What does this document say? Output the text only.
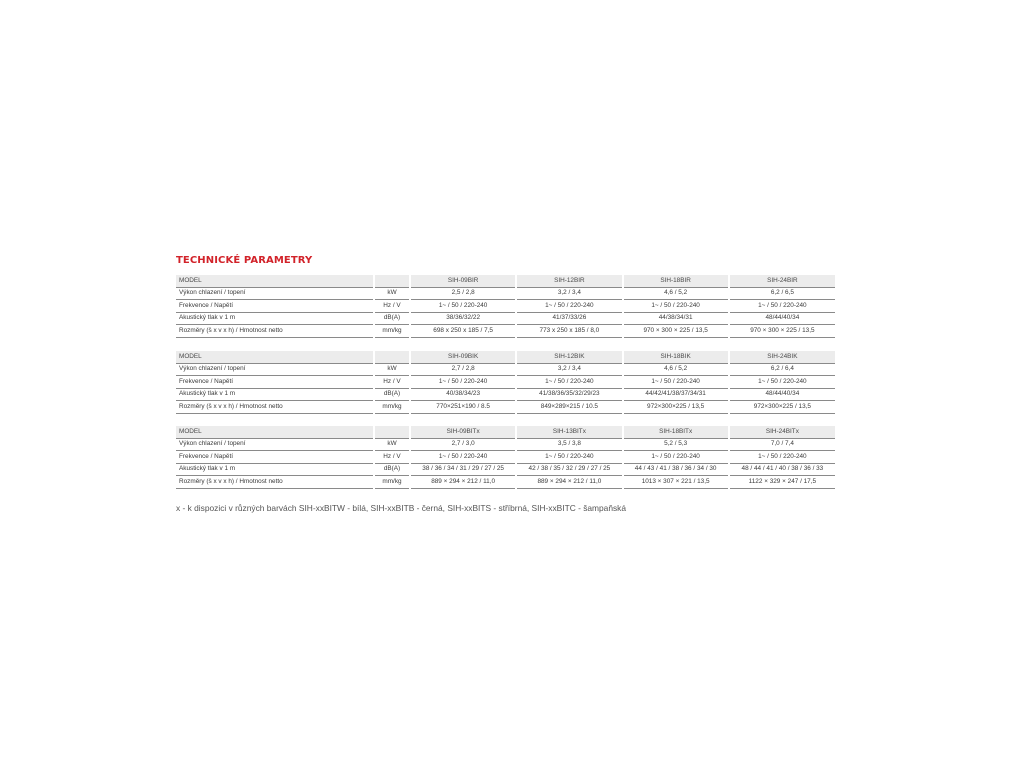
TECHNICKÉ PARAMETRY
MODEL		SIH-09BIR	SIH-12BIR	SIH-18BIR	SIH-24BIR
Výkon chlazení / topení	kW	2,5 / 2,8	3,2 / 3,4	4,6 / 5,2	6,2 / 6,5
Frekvence / Napětí	Hz / V	1~ / 50 / 220-240	1~ / 50 / 220-240	1~ / 50 / 220-240	1~ / 50 / 220-240
Akustický tlak v 1 m	dB(A)	38/36/32/22	41/37/33/26	44/38/34/31	48/44/40/34
Rozměry (š x v x h) / Hmotnost netto	mm/kg	698 x 250 x 185 / 7,5	773 x 250 x 185 / 8,0	970 × 300 × 225 / 13,5	970 × 300 × 225 / 13,5
MODEL		SIH-09BIK	SIH-12BIK	SIH-18BIK	SIH-24BIK
Výkon chlazení / topení	kW	2,7 / 2,8	3,2 / 3,4	4,6 / 5,2	6,2 / 6,4
Frekvence / Napětí	Hz / V	1~ / 50 / 220-240	1~ / 50 / 220-240	1~ / 50 / 220-240	1~ / 50 / 220-240
Akustický tlak v 1 m	dB(A)	40/38/34/23	41/38/36/35/32/29/23	44/42/41/38/37/34/31	48/44/40/34
Rozměry (š x v x h) / Hmotnost netto	mm/kg	770×251×190 / 8.5	849×289×215 / 10.5	972×300×225 / 13,5	972×300×225 / 13,5
MODEL		SIH-09BITx	SIH-13BITx	SIH-18BITx	SIH-24BITx
Výkon chlazení / topení	kW	2,7 / 3,0	3,5 / 3,8	5,2 / 5,3	7,0 / 7,4
Frekvence / Napětí	Hz / V	1~ / 50 / 220-240	1~ / 50 / 220-240	1~ / 50 / 220-240	1~ / 50 / 220-240
Akustický tlak v 1 m	dB(A)	38 / 36 / 34 / 31 / 29 / 27 / 25	42 / 38 / 35 / 32 / 29 / 27 / 25	44 / 43 / 41 / 38 / 36 / 34 / 30	48 / 44 / 41 / 40 / 38 / 36 / 33
Rozměry (š x v x h) / Hmotnost netto	mm/kg	889 × 294 × 212 / 11,0	889 × 294 × 212 / 11,0	1013 × 307 × 221 / 13,5	1122 × 329 × 247 / 17,5
x - k dispozici v různých barvách SIH-xxBITW - bílá, SIH-xxBITB - černá, SIH-xxBITS - stříbrná, SIH-xxBITC - šampaňská
